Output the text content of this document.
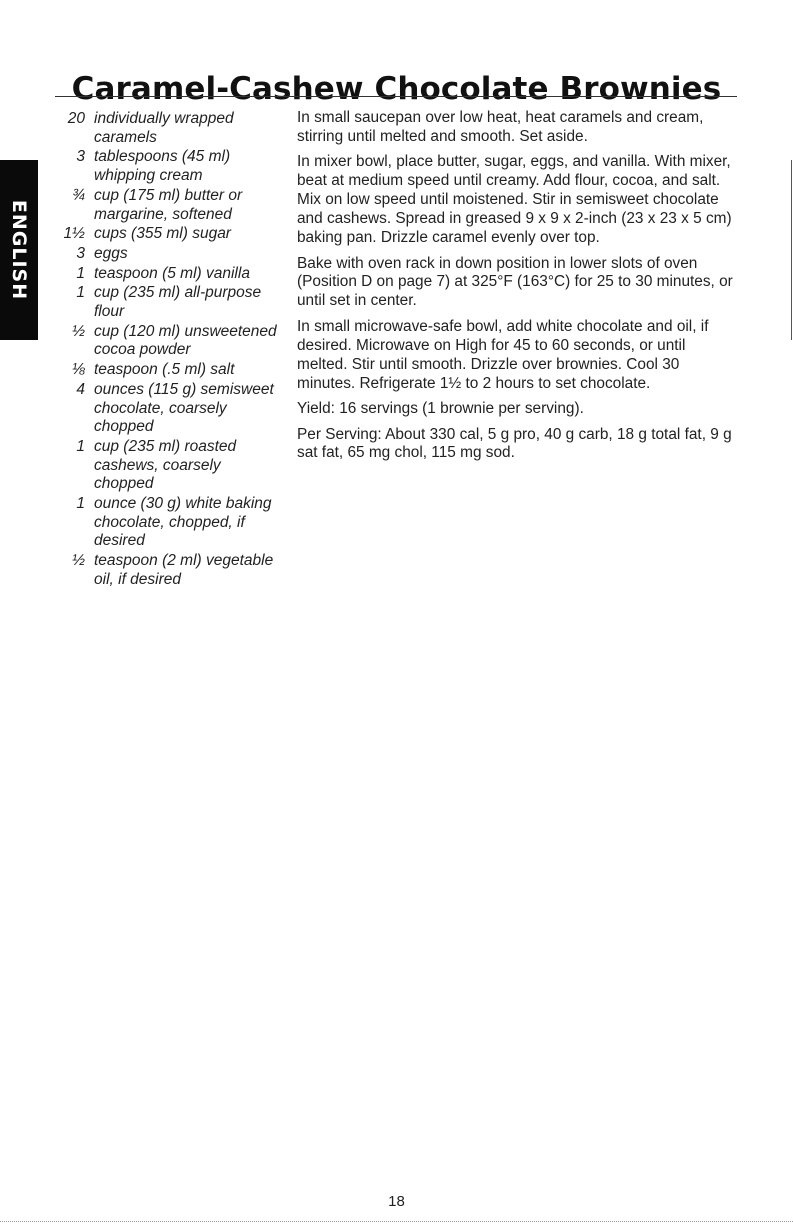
Caramel-Cashew Chocolate Brownies
ENGLISH
20 individually wrapped caramels
3 tablespoons (45 ml) whipping cream
¾ cup (175 ml) butter or margarine, softened
1½ cups (355 ml) sugar
3 eggs
1 teaspoon (5 ml) vanilla
1 cup (235 ml) all-purpose flour
½ cup (120 ml) unsweetened cocoa powder
⅛ teaspoon (.5 ml) salt
4 ounces (115 g) semisweet chocolate, coarsely chopped
1 cup (235 ml) roasted cashews, coarsely chopped
1 ounce (30 g) white baking chocolate, chopped, if desired
½ teaspoon (2 ml) vegetable oil, if desired

In small saucepan over low heat, heat caramels and cream, stirring until melted and smooth. Set aside.

In mixer bowl, place butter, sugar, eggs, and vanilla. With mixer, beat at medium speed until creamy. Add flour, cocoa, and salt. Mix on low speed until moistened. Stir in semisweet chocolate and cashews. Spread in greased 9 x 9 x 2-inch (23 x 23 x 5 cm) baking pan. Drizzle caramel evenly over top.

Bake with oven rack in down position in lower slots of oven (Position D on page 7) at 325°F (163°C) for 25 to 30 minutes, or until set in center.

In small microwave-safe bowl, add white chocolate and oil, if desired. Microwave on High for 45 to 60 seconds, or until melted. Stir until smooth. Drizzle over brownies. Cool 30 minutes. Refrigerate 1½ to 2 hours to set chocolate.

Yield: 16 servings (1 brownie per serving).

Per Serving: About 330 cal, 5 g pro, 40 g carb, 18 g total fat, 9 g sat fat, 65 mg chol, 115 mg sod.

18
